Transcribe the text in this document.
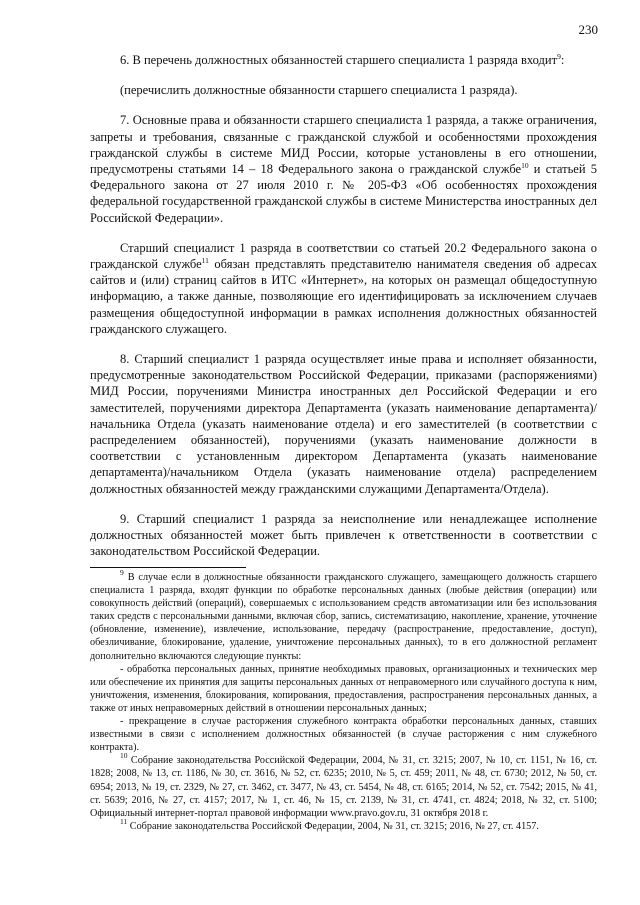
230

6. В перечень должностных обязанностей старшего специалиста 1 разряда входит$^9$:

(перечислить должностные обязанности старшего специалиста 1 разряда).

7. Основные права и обязанности старшего специалиста 1 разряда, а также ограничения, запреты и требования, связанные с гражданской службой и особенностями прохождения гражданской службы в системе МИД России, которые установлены в его отношении, предусмотрены статьями 14 – 18 Федерального закона о гражданской службе$^{10}$ и статьей 5 Федерального закона от 27 июля 2010 г. № 205-ФЗ «Об особенностях прохождения федеральной государственной гражданской службы в системе Министерства иностранных дел Российской Федерации».

Старший специалист 1 разряда в соответствии со статьей 20.2 Федерального закона о гражданской службе$^{11}$ обязан представлять представителю нанимателя сведения об адресах сайтов и (или) страниц сайтов в ИТС «Интернет», на которых он размещал общедоступную информацию, а также данные, позволяющие его идентифицировать за исключением случаев размещения общедоступной информации в рамках исполнения должностных обязанностей гражданского служащего.

8. Старший специалист 1 разряда осуществляет иные права и исполняет обязанности, предусмотренные законодательством Российской Федерации, приказами (распоряжениями) МИД России, поручениями Министра иностранных дел Российской Федерации и его заместителей, поручениями директора Департамента (указать наименование департамента)/начальника Отдела (указать наименование отдела) и его заместителей (в соответствии с распределением обязанностей), поручениями (указать наименование должности в соответствии с установленным директором Департамента (указать наименование департамента)/начальником Отдела (указать наименование отдела) распределением должностных обязанностей между гражданскими служащими Департамента/Отдела).

9. Старший специалист 1 разряда за неисполнение или ненадлежащее исполнение должностных обязанностей может быть привлечен к ответственности в соответствии с законодательством Российской Федерации.

$^9$ В случае если в должностные обязанности гражданского служащего, замещающего должность старшего специалиста 1 разряда, входят функции по обработке персональных данных (любые действия (операции) или совокупность действий (операций), совершаемых с использованием средств автоматизации или без использования таких средств с персональными данными, включая сбор, запись, систематизацию, накопление, хранение, уточнение (обновление, изменение), извлечение, использование, передачу (распространение, предоставление, доступ), обезличивание, блокирование, удаление, уничтожение персональных данных), то в его должностной регламент дополнительно включаются следующие пункты:

- обработка персональных данных, принятие необходимых правовых, организационных и технических мер или обеспечение их принятия для защиты персональных данных от неправомерного или случайного доступа к ним, уничтожения, изменения, блокирования, копирования, предоставления, распространения персональных данных, а также от иных неправомерных действий в отношении персональных данных;

- прекращение в случае расторжения служебного контракта обработки персональных данных, ставших известными в связи с исполнением должностных обязанностей (в случае расторжения с ним служебного контракта).

$^{10}$ Собрание законодательства Российской Федерации, 2004, № 31, ст. 3215; 2007, № 10, ст. 1151, № 16, ст. 1828; 2008, № 13, ст. 1186, № 30, ст. 3616, № 52, ст. 6235; 2010, № 5, ст. 459; 2011, № 48, ст. 6730; 2012, № 50, ст. 6954; 2013, № 19, ст. 2329, № 27, ст. 3462, ст. 3477, № 43, ст. 5454, № 48, ст. 6165; 2014, № 52, ст. 7542; 2015, № 41, ст. 5639; 2016, № 27, ст. 4157; 2017, № 1, ст. 46, № 15, ст. 2139, № 31, ст. 4741, ст. 4824; 2018, № 32, ст. 5100; Официальный интернет-портал правовой информации www.pravo.gov.ru, 31 октября 2018 г.

$^{11}$ Собрание законодательства Российской Федерации, 2004, № 31, ст. 3215; 2016, № 27, ст. 4157.
